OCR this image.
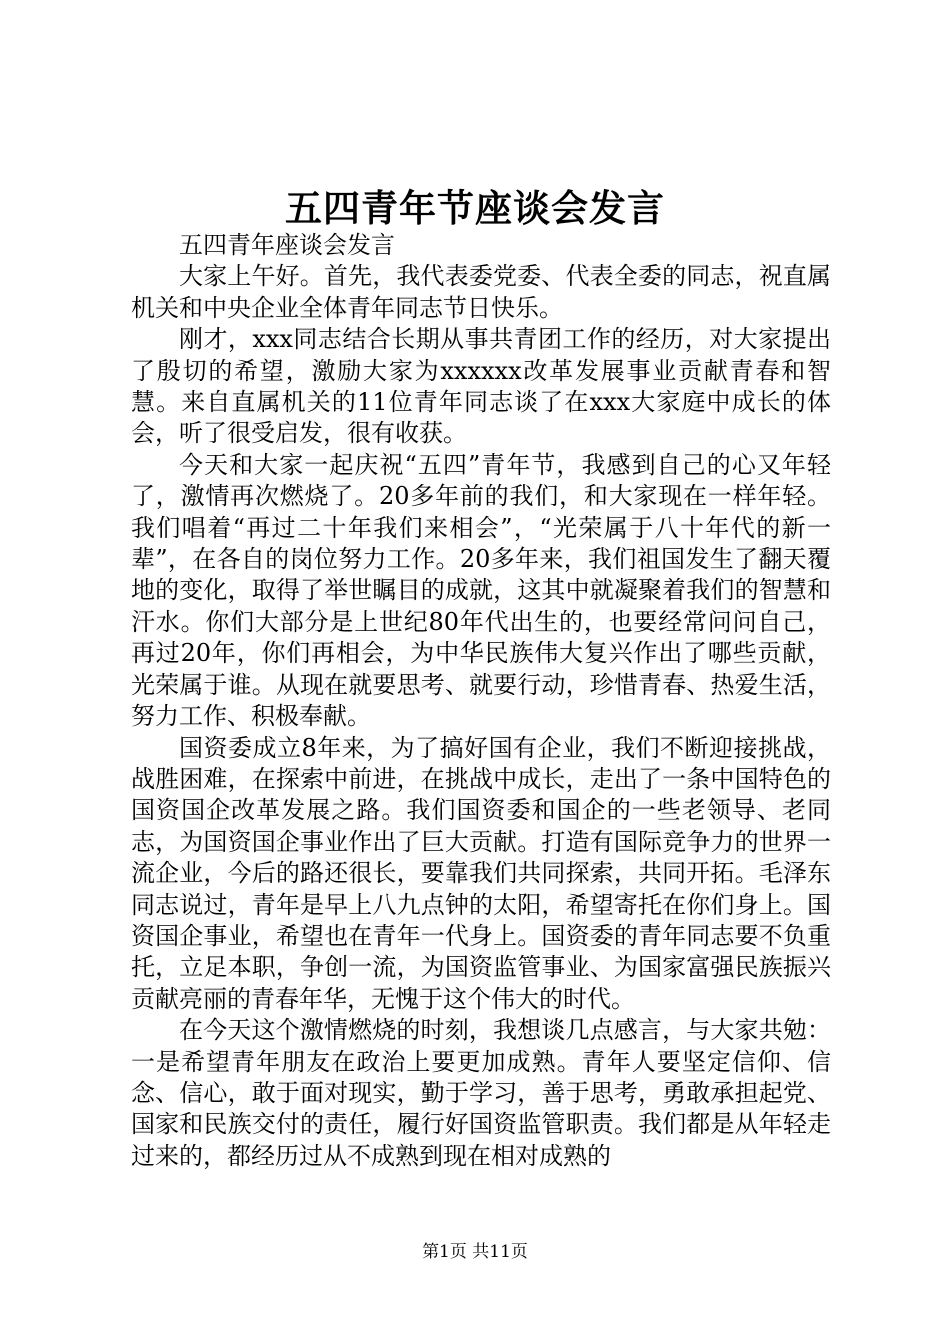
五四青年节座谈会发言

五四青年座谈会发言

大家上午好。首先，我代表委党委、代表全委的同志，祝直属机关和中央企业全体青年同志节日快乐。

刚才，xxx同志结合长期从事共青团工作的经历，对大家提出了殷切的希望，激励大家为xxxxxx改革发展事业贡献青春和智慧。来自直属机关的11位青年同志谈了在xxx大家庭中成长的体会，听了很受启发，很有收获。

今天和大家一起庆祝“五四”青年节，我感到自己的心又年轻了，激情再次燃烧了。20多年前的我们，和大家现在一样年轻。我们唱着“再过二十年我们来相会”，“光荣属于八十年代的新一辈”，在各自的岗位努力工作。20多年来，我们祖国发生了翻天覆地的变化，取得了举世瞩目的成就，这其中就凝聚着我们的智慧和汗水。你们大部分是上世纪80年代出生的，也要经常问问自己，再过20年，你们再相会，为中华民族伟大复兴作出了哪些贡献，光荣属于谁。从现在就要思考、就要行动，珍惜青春、热爱生活，努力工作、积极奉献。

国资委成立8年来，为了搞好国有企业，我们不断迎接挑战，战胜困难，在探索中前进，在挑战中成长，走出了一条中国特色的国资国企改革发展之路。我们国资委和国企的一些老领导、老同志，为国资国企事业作出了巨大贡献。打造有国际竞争力的世界一流企业，今后的路还很长，要靠我们共同探索，共同开拓。毛泽东同志说过，青年是早上八九点钟的太阳，希望寄托在你们身上。国资国企事业，希望也在青年一代身上。国资委的青年同志要不负重托，立足本职，争创一流，为国资监管事业、为国家富强民族振兴贡献亮丽的青春年华，无愧于这个伟大的时代。

在今天这个激情燃烧的时刻，我想谈几点感言，与大家共勉：一是希望青年朋友在政治上要更加成熟。青年人要坚定信仰、信念、信心，敢于面对现实，勤于学习，善于思考，勇敢承担起党、国家和民族交付的责任，履行好国资监管职责。我们都是从年轻走过来的，都经历过从不成熟到现在相对成熟的

第1页 共11页
